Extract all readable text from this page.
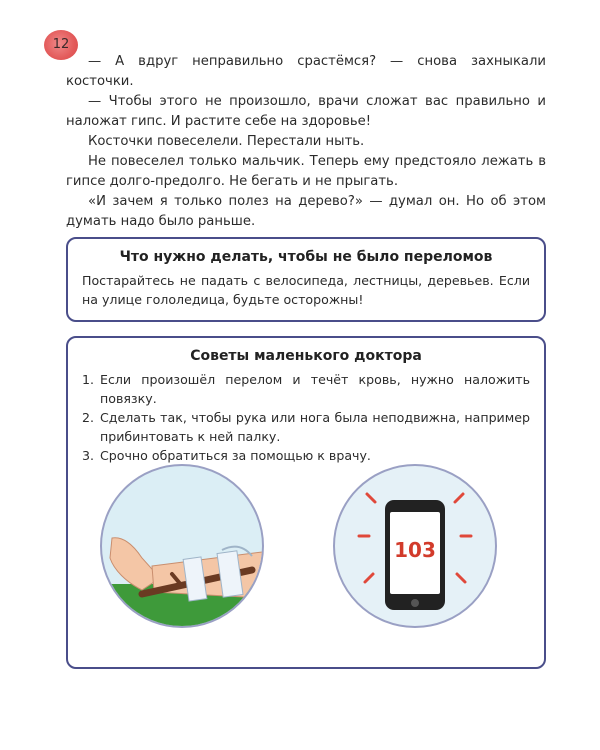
12

— А вдруг неправильно срастёмся? — снова захныкали косточки.

— Чтобы этого не произошло, врачи сложат вас правильно и наложат гипс. И растите себе на здоровье!

Косточки повеселели. Перестали ныть.

Не повеселел только мальчик. Теперь ему предстояло лежать в гипсе долго-предолго. Не бегать и не прыгать.

«И зачем я только полез на дерево?» — думал он. Но об этом думать надо было раньше.

Что нужно делать, чтобы не было переломов
Постарайтесь не падать с велосипеда, лестницы, деревьев. Если на улице гололедица, будьте осторожны!
Советы маленького доктора
1. Если произошёл перелом и течёт кровь, нужно наложить повязку.
2. Сделать так, чтобы рука или нога была неподвижна, например прибинтовать к ней палку.
3. Срочно обратиться за помощью к врачу.
103
